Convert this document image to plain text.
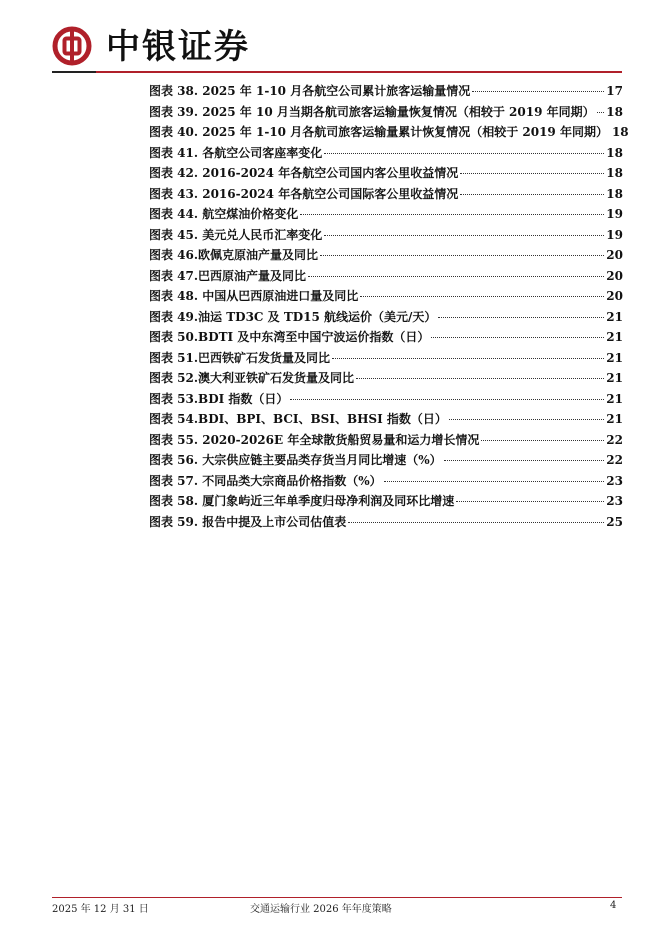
中银证券
图表 38. 2025 年 1-10 月各航空公司累计旅客运输量情况	17
图表 39. 2025 年 10 月当期各航司旅客运输量恢复情况（相较于 2019 年同期） 18
图表 40. 2025 年 1-10 月各航司旅客运输量累计恢复情况（相较于 2019 年同期） 18
图表 41. 各航空公司客座率变化	18
图表 42. 2016-2024 年各航空公司国内客公里收益情况	18
图表 43. 2016-2024 年各航空公司国际客公里收益情况	18
图表 44. 航空煤油价格变化	19
图表 45. 美元兑人民币汇率变化	19
图表 46.欧佩克原油产量及同比	20
图表 47.巴西原油产量及同比	20
图表 48. 中国从巴西原油进口量及同比	20
图表 49.油运 TD3C 及 TD15 航线运价（美元/天）	21
图表 50.BDTI 及中东湾至中国宁波运价指数（日）	21
图表 51.巴西铁矿石发货量及同比	21
图表 52.澳大利亚铁矿石发货量及同比	21
图表 53.BDI 指数（日）	21
图表 54.BDI、BPI、BCI、BSI、BHSI 指数（日）	21
图表 55. 2020-2026E 年全球散货船贸易量和运力增长情况	22
图表 56. 大宗供应链主要品类存货当月同比增速（%）	22
图表 57. 不同品类大宗商品价格指数（%）	23
图表 58. 厦门象屿近三年单季度归母净利润及同环比增速	23
图表 59. 报告中提及上市公司估值表	25
2025 年 12 月 31 日	交通运输行业 2026 年年度策略	4
